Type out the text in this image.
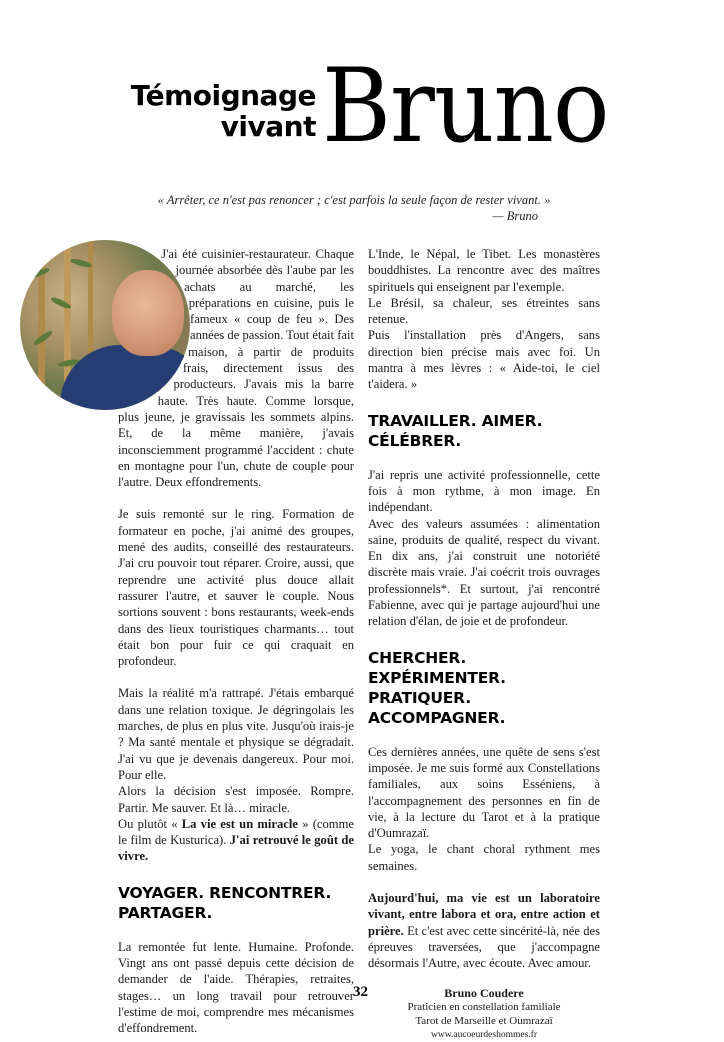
Témoignage
vivant Bruno
« Arrêter, ce n'est pas renoncer ; c'est parfois la seule façon de rester vivant. »
— Bruno

J'ai été cuisinier-restaurateur. Chaque journée absorbée dès l'aube par les achats au marché, les préparations en cuisine, puis le fameux « coup de feu ». Des années de passion. Tout était fait maison, à partir de produits frais, directement issus des producteurs. J'avais mis la barre haute. Très haute. Comme lorsque, plus jeune, je gravissais les sommets alpins. Et, de la même manière, j'avais inconsciemment programmé l'accident : chute en montagne pour l'un, chute de couple pour l'autre. Deux effondrements.

Je suis remonté sur le ring. Formation de formateur en poche, j'ai animé des groupes, mené des audits, conseillé des restaurateurs. J'ai cru pouvoir tout réparer. Croire, aussi, que reprendre une activité plus douce allait rassurer l'autre, et sauver le couple. Nous sortions souvent : bons restaurants, week-ends dans des lieux touristiques charmants… tout était bon pour fuir ce qui craquait en profondeur.

Mais la réalité m'a rattrapé. J'étais embarqué dans une relation toxique. Je dégringolais les marches, de plus en plus vite. Jusqu'où irais-je ? Ma santé mentale et physique se dégradait. J'ai vu que je devenais dangereux. Pour moi. Pour elle.

Alors la décision s'est imposée. Rompre. Partir. Me sauver. Et là… miracle.

Ou plutôt « La vie est un miracle » (comme le film de Kusturica). J'ai retrouvé le goût de vivre.

VOYAGER. RENCONTRER. PARTAGER.

La remontée fut lente. Humaine. Profonde. Vingt ans ont passé depuis cette décision de demander de l'aide. Thérapies, retraites, stages… un long travail pour retrouver l'estime de moi, comprendre mes mécanismes d'effondrement.

L'Inde, le Népal, le Tibet. Les monastères bouddhistes. La rencontre avec des maîtres spirituels qui enseignent par l'exemple.

Le Brésil, sa chaleur, ses étreintes sans retenue.

Puis l'installation près d'Angers, sans direction bien précise mais avec foi. Un mantra à mes lèvres : « Aide-toi, le ciel t'aidera. »

TRAVAILLER. AIMER. CÉLÉBRER.

J'ai repris une activité professionnelle, cette fois à mon rythme, à mon image. En indépendant.

Avec des valeurs assumées : alimentation saine, produits de qualité, respect du vivant. En dix ans, j'ai construit une notoriété discrète mais vraie. J'ai coécrit trois ouvrages professionnels*. Et surtout, j'ai rencontré Fabienne, avec qui je partage aujourd'hui une relation d'élan, de joie et de profondeur.

CHERCHER. EXPÉRIMENTER. PRATIQUER. ACCOMPAGNER.

Ces dernières années, une quête de sens s'est imposée. Je me suis formé aux Constellations familiales, aux soins Esséniens, à l'accompagnement des personnes en fin de vie, à la lecture du Tarot et à la pratique d'Oumrazaï.

Le yoga, le chant choral rythment mes semaines.

Aujourd'hui, ma vie est un laboratoire vivant, entre labora et ora, entre action et prière. Et c'est avec cette sincérité-là, née des épreuves traversées, que j'accompagne désormais l'Autre, avec écoute. Avec amour.

Bruno Coudere
Praticien en constellation familiale
Tarot de Marseille et Oumrazaï
www.aucoeurdeshommes.fr
32
